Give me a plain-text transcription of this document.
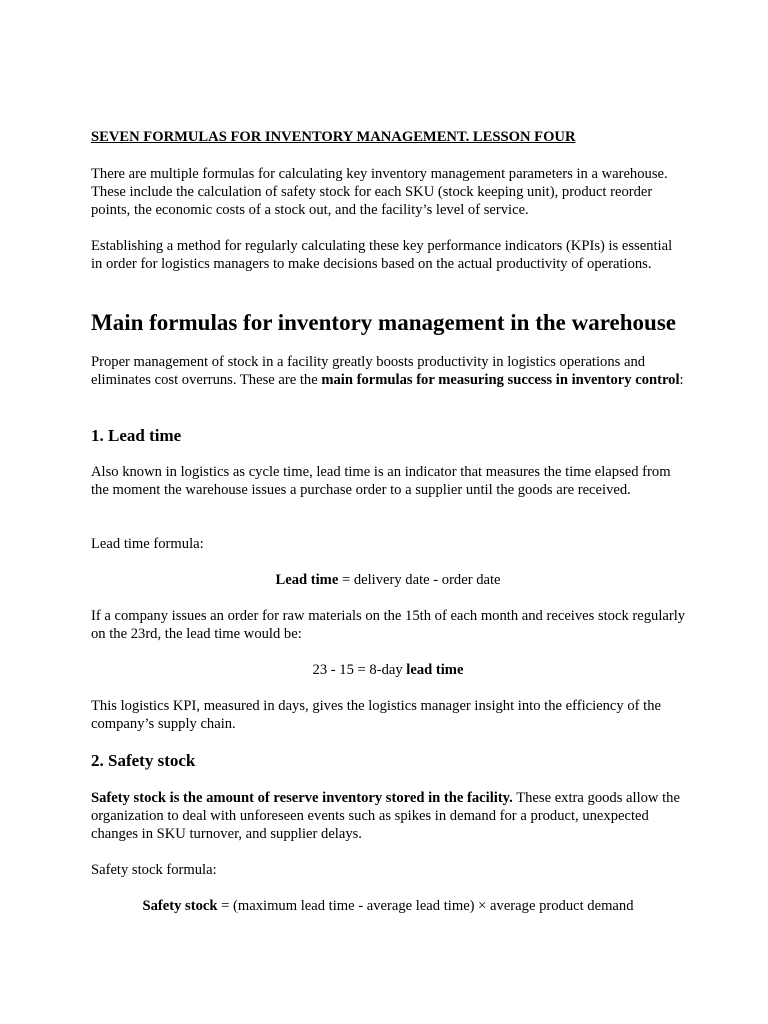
SEVEN FORMULAS FOR INVENTORY MANAGEMENT. LESSON FOUR

There are multiple formulas for calculating key inventory management parameters in a warehouse. These include the calculation of safety stock for each SKU (stock keeping unit), product reorder points, the economic costs of a stock out, and the facility’s level of service.

Establishing a method for regularly calculating these key performance indicators (KPIs) is essential in order for logistics managers to make decisions based on the actual productivity of operations.

Main formulas for inventory management in the warehouse

Proper management of stock in a facility greatly boosts productivity in logistics operations and eliminates cost overruns. These are the main formulas for measuring success in inventory control:

1. Lead time

Also known in logistics as cycle time, lead time is an indicator that measures the time elapsed from the moment the warehouse issues a purchase order to a supplier until the goods are received.

Lead time formula:

Lead time = delivery date - order date

If a company issues an order for raw materials on the 15th of each month and receives stock regularly on the 23rd, the lead time would be:

23 - 15 = 8-day lead time

This logistics KPI, measured in days, gives the logistics manager insight into the efficiency of the company’s supply chain.

2. Safety stock

Safety stock is the amount of reserve inventory stored in the facility. These extra goods allow the organization to deal with unforeseen events such as spikes in demand for a product, unexpected changes in SKU turnover, and supplier delays.

Safety stock formula:

Safety stock = (maximum lead time - average lead time) × average product demand
